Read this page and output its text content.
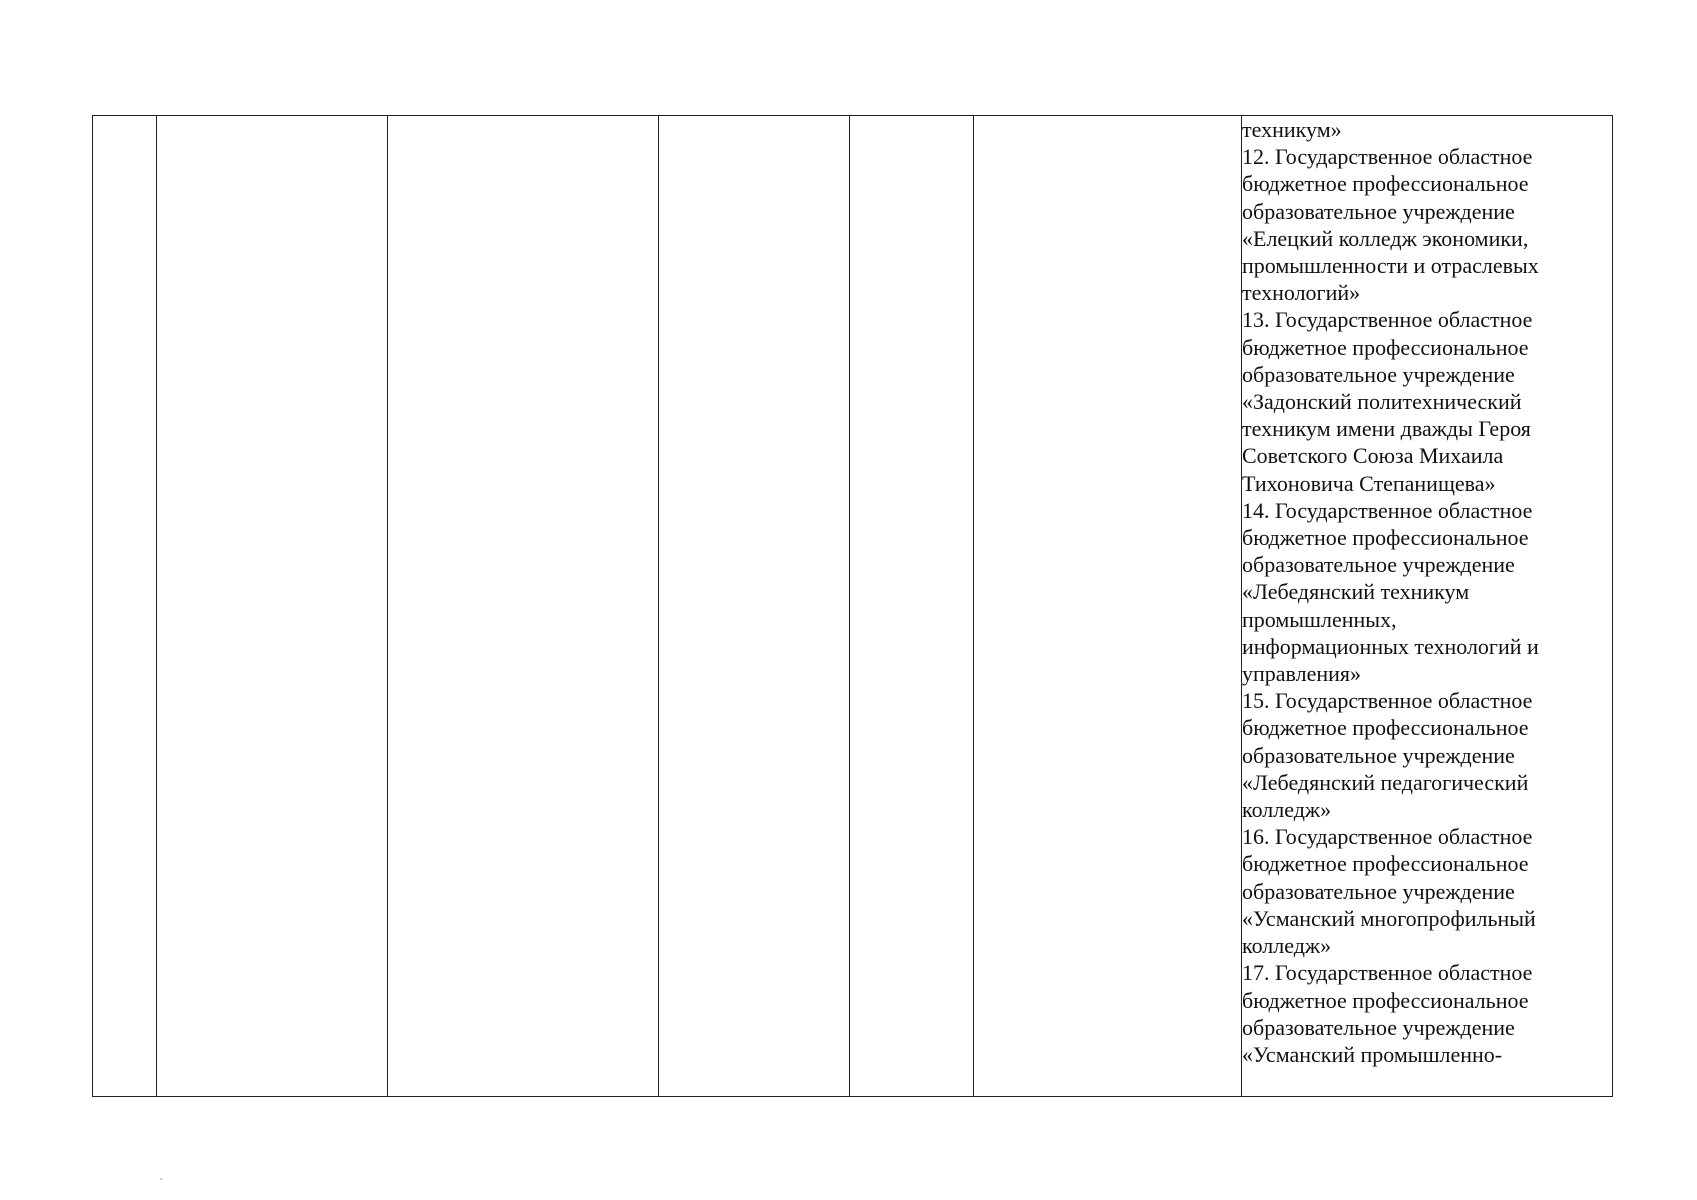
техникум»
12. Государственное областное
бюджетное профессиональное
образовательное учреждение
«Елецкий колледж экономики,
промышленности и отраслевых
технологий»
13. Государственное областное
бюджетное профессиональное
образовательное учреждение
«Задонский политехнический
техникум имени дважды Героя
Советского Союза Михаила
Тихоновича Степанищева»
14. Государственное областное
бюджетное профессиональное
образовательное учреждение
«Лебедянский техникум
промышленных,
информационных технологий и
управления»
15. Государственное областное
бюджетное профессиональное
образовательное учреждение
«Лебедянский педагогический
колледж»
16. Государственное областное
бюджетное профессиональное
образовательное учреждение
«Усманский многопрофильный
колледж»
17. Государственное областное
бюджетное профессиональное
образовательное учреждение
«Усманский промышленно-
